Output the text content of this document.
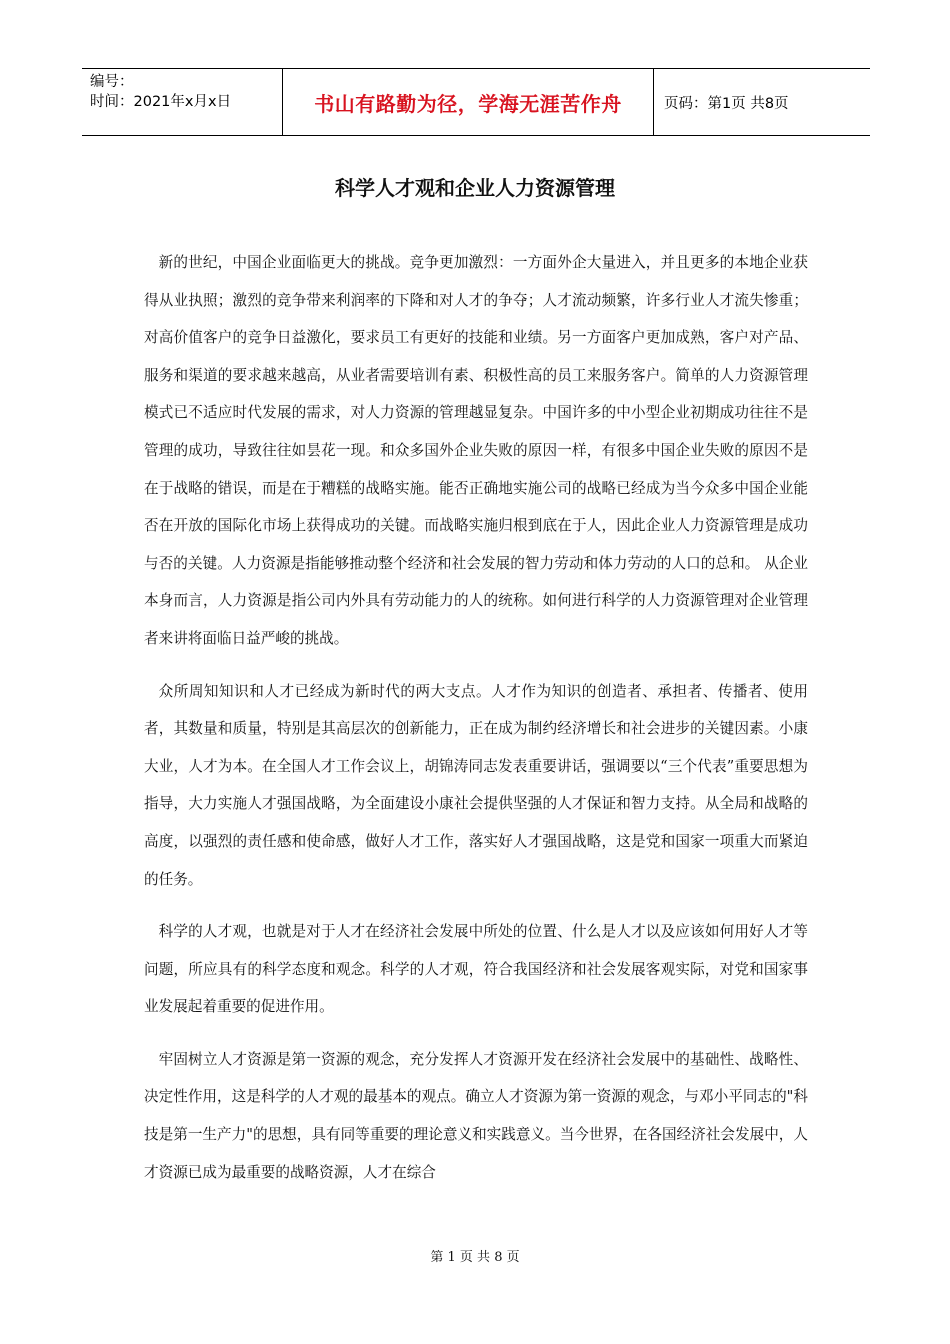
编号：
时间：2021年x月x日	书山有路勤为径，学海无涯苦作舟	页码：第1页 共8页
科学人才观和企业人力资源管理

新的世纪，中国企业面临更大的挑战。竞争更加激烈：一方面外企大量进入，并且更多的本地企业获得从业执照；激烈的竞争带来利润率的下降和对人才的争夺；人才流动频繁，许多行业人才流失惨重；对高价值客户的竞争日益激化，要求员工有更好的技能和业绩。另一方面客户更加成熟，客户对产品、服务和渠道的要求越来越高，从业者需要培训有素、积极性高的员工来服务客户。简单的人力资源管理模式已不适应时代发展的需求，对人力资源的管理越显复杂。中国许多的中小型企业初期成功往往不是管理的成功，导致往往如昙花一现。和众多国外企业失败的原因一样，有很多中国企业失败的原因不是在于战略的错误，而是在于糟糕的战略实施。能否正确地实施公司的战略已经成为当今众多中国企业能否在开放的国际化市场上获得成功的关键。而战略实施归根到底在于人，因此企业人力资源管理是成功与否的关键。人力资源是指能够推动整个经济和社会发展的智力劳动和体力劳动的人口的总和。 从企业本身而言，人力资源是指公司内外具有劳动能力的人的统称。如何进行科学的人力资源管理对企业管理者来讲将面临日益严峻的挑战。

众所周知知识和人才已经成为新时代的两大支点。人才作为知识的创造者、承担者、传播者、使用者，其数量和质量，特别是其高层次的创新能力，正在成为制约经济增长和社会进步的关键因素。小康大业，人才为本。在全国人才工作会议上，胡锦涛同志发表重要讲话，强调要以“三个代表”重要思想为指导，大力实施人才强国战略，为全面建设小康社会提供坚强的人才保证和智力支持。从全局和战略的高度，以强烈的责任感和使命感，做好人才工作，落实好人才强国战略，这是党和国家一项重大而紧迫的任务。

科学的人才观，也就是对于人才在经济社会发展中所处的位置、什么是人才以及应该如何用好人才等问题，所应具有的科学态度和观念。科学的人才观，符合我国经济和社会发展客观实际，对党和国家事业发展起着重要的促进作用。

牢固树立人才资源是第一资源的观念，充分发挥人才资源开发在经济社会发展中的基础性、战略性、决定性作用，这是科学的人才观的最基本的观点。确立人才资源为第一资源的观念，与邓小平同志的"科技是第一生产力"的思想，具有同等重要的理论意义和实践意义。当今世界，在各国经济社会发展中，人才资源已成为最重要的战略资源，人才在综合

第 1 页 共 8 页
